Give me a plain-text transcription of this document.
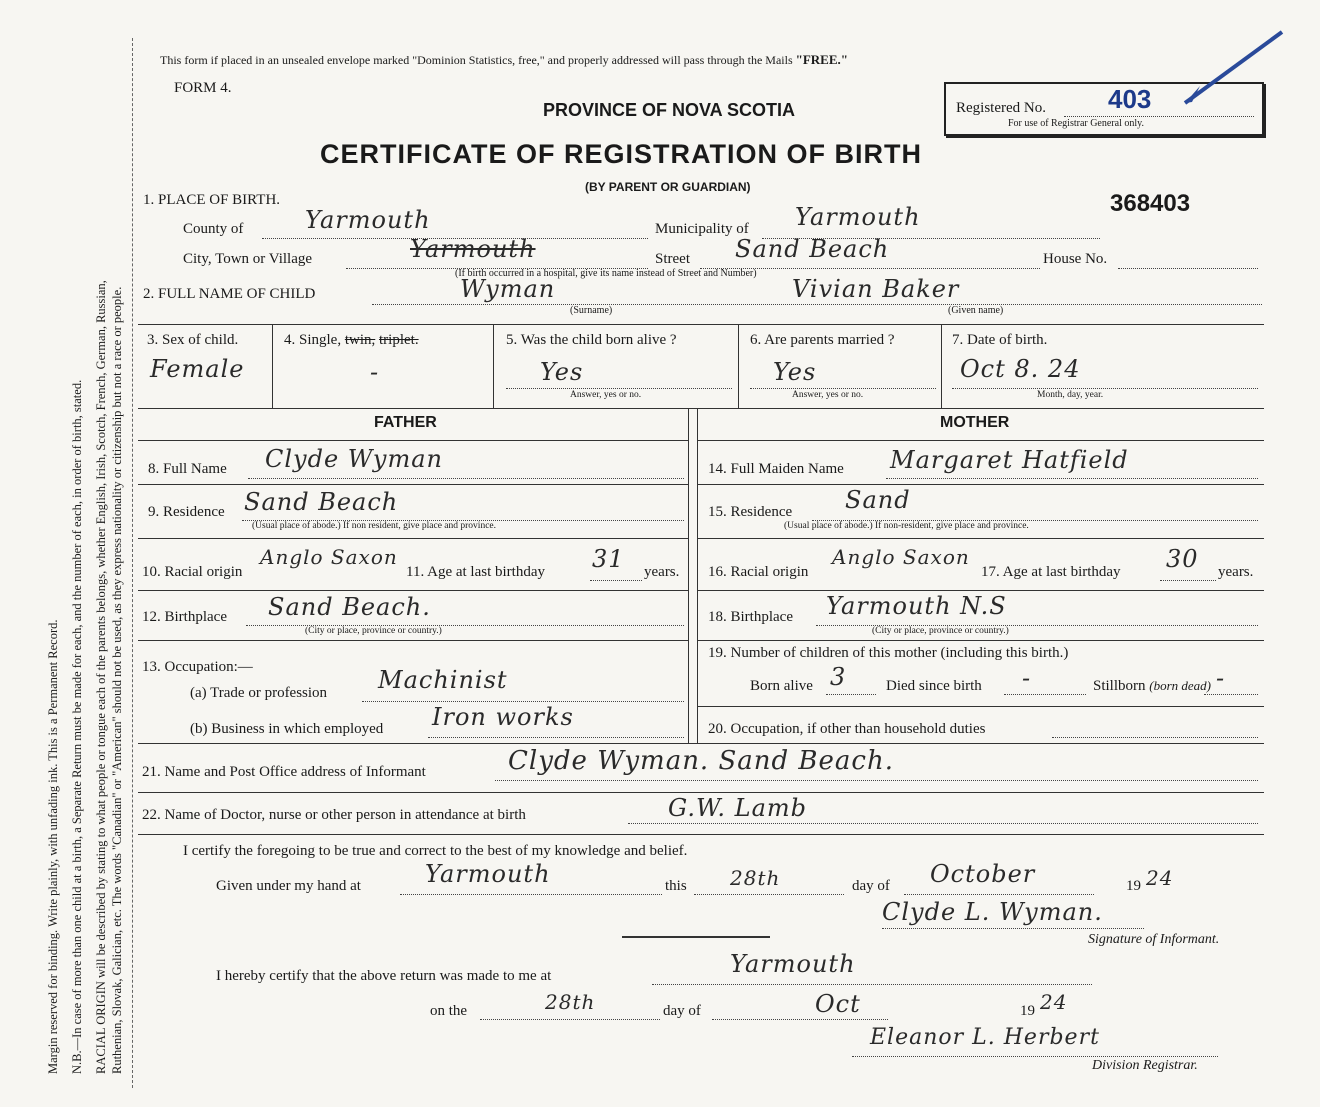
Margin reserved for binding. Write plainly, with unfading ink. This is a Permanent Record. N.B.—In case of more than one child at a birth, a Separate Return must be made for each, and the number of each, in order of birth, stated. RACIAL ORIGIN will be described by stating to what people or tongue each of the parents belongs, whether English, Irish, Scotch, French, German, Russian, Ruthenian, Slovak, Galician, etc. The words "Canadian" or "American" should not be used, as they express nationality or citizenship but not a race or people.
This form if placed in an unsealed envelope marked "Dominion Statistics, free," and properly addressed will pass through the Mails "FREE."
FORM 4.
PROVINCE OF NOVA SCOTIA
CERTIFICATE OF REGISTRATION OF BIRTH
(BY PARENT OR GUARDIAN)
Registered No. 403
For use of Registrar General only.
368403
1. PLACE OF BIRTH.
County of	Yarmouth	Municipality of Yarmouth
City, Town or Village	Yarmouth	Street Sand Beach	House No.
(If birth occurred in a hospital, give its name instead of Street and Number)
2. FULL NAME OF CHILD	Wyman	Vivian Baker
(Surname)	(Given name)
3. Sex of child.
Female
4. Single, twin, triplet.
-
5. Was the child born alive ?
Yes
Answer, yes or no.
6. Are parents married ?
Yes
Answer, yes or no.
7. Date of birth.
Oct 8. 24
Month, day, year.
FATHER
8. Full Name Clyde Wyman
9. Residence Sand Beach
(Usual place of abode.) If non resident, give place and province.
10. Racial origin
Anglo Saxon
11. Age at last birthday 31 years.
12. Birthplace Sand Beach.
(City or place, province or country.)
13. Occupation:—
(a) Trade or profession Machinist
(b) Business in which employed Iron works
MOTHER
14. Full Maiden Name Margaret Hatfield
15. Residence Sand
(Usual place of abode.) If non-resident, give place and province.
16. Racial origin
Anglo Saxon
17. Age at last birthday 30 years.
18. Birthplace Yarmouth N.S
(City or place, province or country.)
19. Number of children of this mother (including this birth.)
Born alive 3	Died since birth -	Stillborn (born dead) -
20. Occupation, if other than household duties
21. Name and Post Office address of Informant	Clyde Wyman. Sand Beach.
22. Name of Doctor, nurse or other person in attendance at birth	G.W. Lamb
I certify the foregoing to be true and correct to the best of my knowledge and belief.
Given under my hand at	Yarmouth	this 28th	day of October	19 24
Clyde L. Wyman.
Signature of Informant.
I hereby certify that the above return was made to me at	Yarmouth
on the	28th	day of	Oct	19 24
Eleanor L. Herbert
Division Registrar.
